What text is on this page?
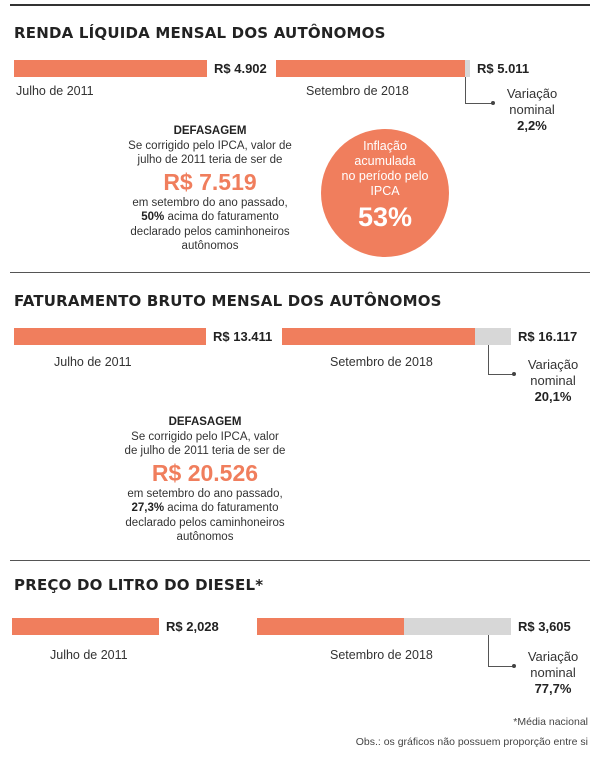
RENDA LÍQUIDA MENSAL DOS AUTÔNOMOS
R$ 4.902
Julho de 2011
R$ 5.011
Setembro de 2018	Variação
nominal
2,2%
DEFASAGEM
Se corrigido pelo IPCA, valor de
julho de 2011 teria de ser de
R$ 7.519
em setembro do ano passado,
50% acima do faturamento
declarado pelos caminhoneiros
autônomos
Inflação
acumulada
no período pelo
IPCA
53%
FATURAMENTO BRUTO MENSAL DOS AUTÔNOMOS
R$ 13.411
Julho de 2011
R$ 16.117
Setembro de 2018	Variação
nominal
20,1%
DEFASAGEM
Se corrigido pelo IPCA, valor
de julho de 2011 teria de ser de
R$ 20.526
em setembro do ano passado,
27,3% acima do faturamento
declarado pelos caminhoneiros
autônomos
PREÇO DO LITRO DO DIESEL*
R$ 2,028
Julho de 2011
R$ 3,605
Setembro de 2018	Variação
nominal
77,7%
*Média nacional
Obs.: os gráficos não possuem proporção entre si
